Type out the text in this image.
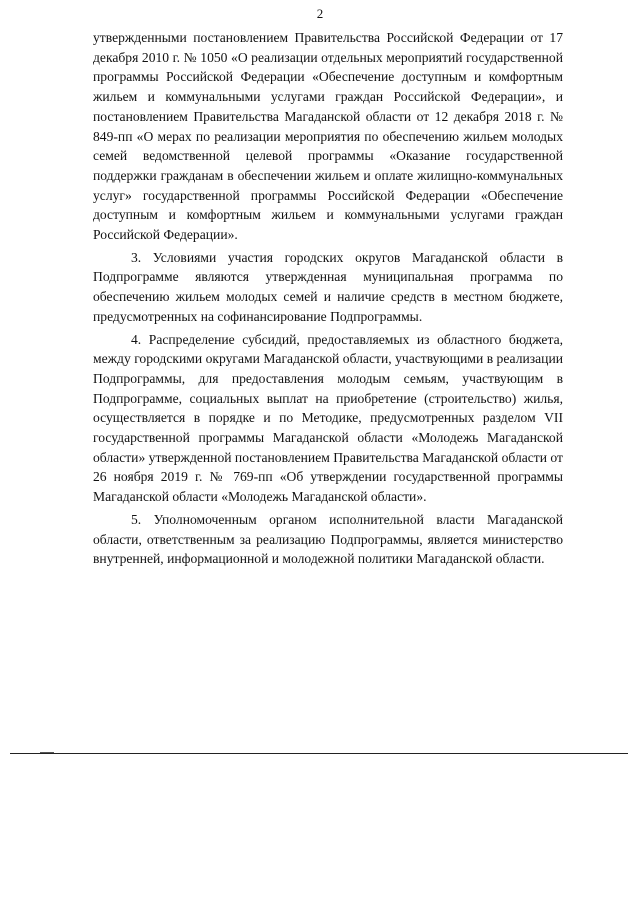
2

утвержденными постановлением Правительства Российской Федерации от 17 декабря 2010 г. № 1050 «О реализации отдельных мероприятий государственной программы Российской Федерации «Обеспечение доступным и комфортным жильем и коммунальными услугами граждан Российской Федерации», и постановлением Правительства Магаданской области от 12 декабря 2018 г. № 849-пп «О мерах по реализации мероприятия по обеспечению жильем молодых семей ведомственной целевой программы «Оказание государственной поддержки гражданам в обеспечении жильем и оплате жилищно-коммунальных услуг» государственной программы Российской Федерации «Обеспечение доступным и комфортным жильем и коммунальными услугами граждан Российской Федерации».

3. Условиями участия городских округов Магаданской области в Подпрограмме являются утвержденная муниципальная программа по обеспечению жильем молодых семей и наличие средств в местном бюджете, предусмотренных на софинансирование Подпрограммы.

4. Распределение субсидий, предоставляемых из областного бюджета, между городскими округами Магаданской области, участвующими в реализации Подпрограммы, для предоставления молодым семьям, участвующим в Подпрограмме, социальных выплат на приобретение (строительство) жилья, осуществляется в порядке и по Методике, предусмотренных разделом VII государственной программы Магаданской области «Молодежь Магаданской области» утвержденной постановлением Правительства Магаданской области от 26 ноября 2019 г. № 769-пп «Об утверждении государственной программы Магаданской области «Молодежь Магаданской области».

5. Уполномоченным органом исполнительной власти Магаданской области, ответственным за реализацию Подпрограммы, является министерство внутренней, информационной и молодежной политики Магаданской области.
